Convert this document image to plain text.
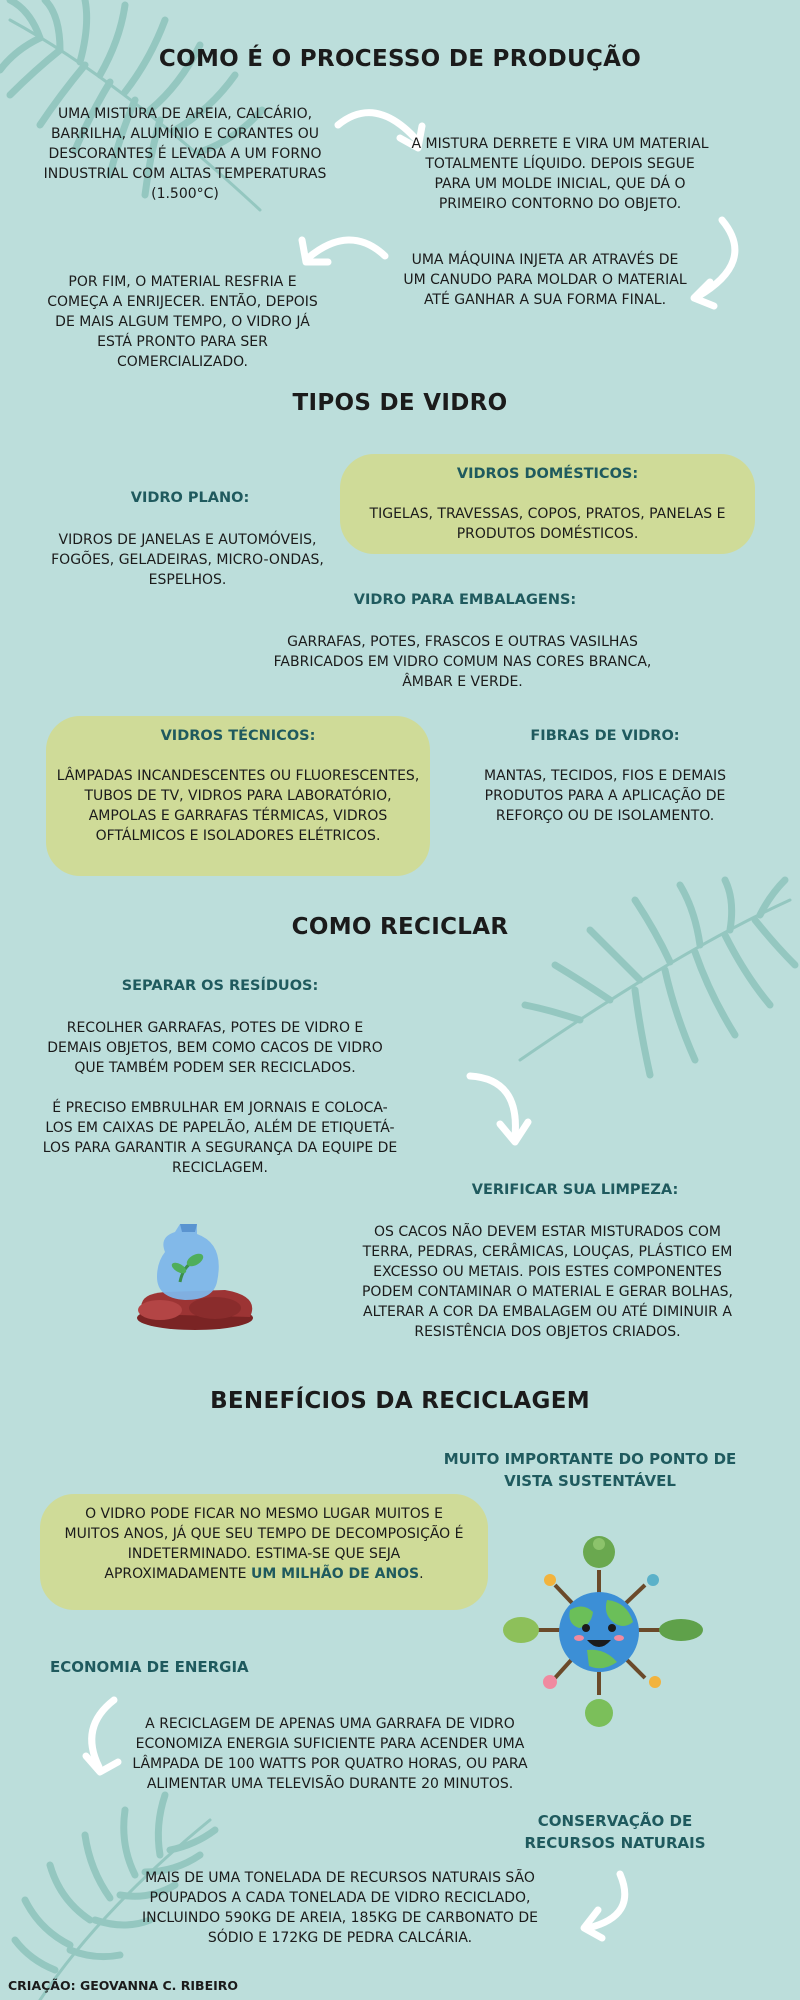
COMO É O PROCESSO DE PRODUÇÃO
UMA MISTURA DE AREIA, CALCÁRIO, BARRILHA, ALUMÍNIO E CORANTES OU DESCORANTES É LEVADA A UM FORNO INDUSTRIAL COM ALTAS TEMPERATURAS (1.500°C)
A MISTURA DERRETE E VIRA UM MATERIAL TOTALMENTE LÍQUIDO. DEPOIS SEGUE PARA UM MOLDE INICIAL, QUE DÁ O PRIMEIRO CONTORNO DO OBJETO.
UMA MÁQUINA INJETA AR ATRAVÉS DE UM CANUDO PARA MOLDAR O MATERIAL ATÉ GANHAR A SUA FORMA FINAL.
POR FIM, O MATERIAL RESFRIA E COMEÇA A ENRIJECER. ENTÃO, DEPOIS DE MAIS ALGUM TEMPO, O VIDRO JÁ ESTÁ PRONTO PARA SER COMERCIALIZADO.
TIPOS DE VIDRO
VIDRO PLANO:
VIDROS DE JANELAS E AUTOMÓVEIS, FOGÕES, GELADEIRAS, MICRO-ONDAS, ESPELHOS.
VIDROS DOMÉSTICOS:
TIGELAS, TRAVESSAS, COPOS, PRATOS, PANELAS E PRODUTOS DOMÉSTICOS.
VIDRO PARA EMBALAGENS:
GARRAFAS, POTES, FRASCOS E OUTRAS VASILHAS FABRICADOS EM VIDRO COMUM NAS CORES BRANCA, ÂMBAR E VERDE.
VIDROS TÉCNICOS:
LÂMPADAS INCANDESCENTES OU FLUORESCENTES, TUBOS DE TV, VIDROS PARA LABORATÓRIO, AMPOLAS E GARRAFAS TÉRMICAS, VIDROS OFTÁLMICOS E ISOLADORES ELÉTRICOS.
FIBRAS DE VIDRO:
MANTAS, TECIDOS, FIOS E DEMAIS PRODUTOS PARA A APLICAÇÃO DE REFORÇO OU DE ISOLAMENTO.
COMO RECICLAR
SEPARAR OS RESÍDUOS:
RECOLHER GARRAFAS, POTES DE VIDRO E DEMAIS OBJETOS, BEM COMO CACOS DE VIDRO QUE TAMBÉM PODEM SER RECICLADOS.
É PRECISO EMBRULHAR EM JORNAIS E COLOCA-LOS EM CAIXAS DE PAPELÃO, ALÉM DE ETIQUETÁ-LOS PARA GARANTIR A SEGURANÇA DA EQUIPE DE RECICLAGEM.
VERIFICAR SUA LIMPEZA:
OS CACOS NÃO DEVEM ESTAR MISTURADOS COM TERRA, PEDRAS, CERÂMICAS, LOUÇAS, PLÁSTICO EM EXCESSO OU METAIS. POIS ESTES COMPONENTES PODEM CONTAMINAR O MATERIAL E GERAR BOLHAS, ALTERAR A COR DA EMBALAGEM OU ATÉ DIMINUIR A RESISTÊNCIA DOS OBJETOS CRIADOS.
BENEFÍCIOS DA RECICLAGEM
MUITO IMPORTANTE DO PONTO DE VISTA SUSTENTÁVEL
O VIDRO PODE FICAR NO MESMO LUGAR MUITOS E MUITOS ANOS, JÁ QUE SEU TEMPO DE DECOMPOSIÇÃO É INDETERMINADO. ESTIMA-SE QUE SEJA APROXIMADAMENTE UM MILHÃO DE ANOS.
ECONOMIA DE ENERGIA
A RECICLAGEM DE APENAS UMA GARRAFA DE VIDRO ECONOMIZA ENERGIA SUFICIENTE PARA ACENDER UMA LÂMPADA DE 100 WATTS POR QUATRO HORAS, OU PARA ALIMENTAR UMA TELEVISÃO DURANTE 20 MINUTOS.
CONSERVAÇÃO DE RECURSOS NATURAIS
MAIS DE UMA TONELADA DE RECURSOS NATURAIS SÃO POUPADOS A CADA TONELADA DE VIDRO RECICLADO, INCLUINDO 590KG DE AREIA, 185KG DE CARBONATO DE SÓDIO E 172KG DE PEDRA CALCÁRIA.
CRIAÇÃO: GEOVANNA C. RIBEIRO
